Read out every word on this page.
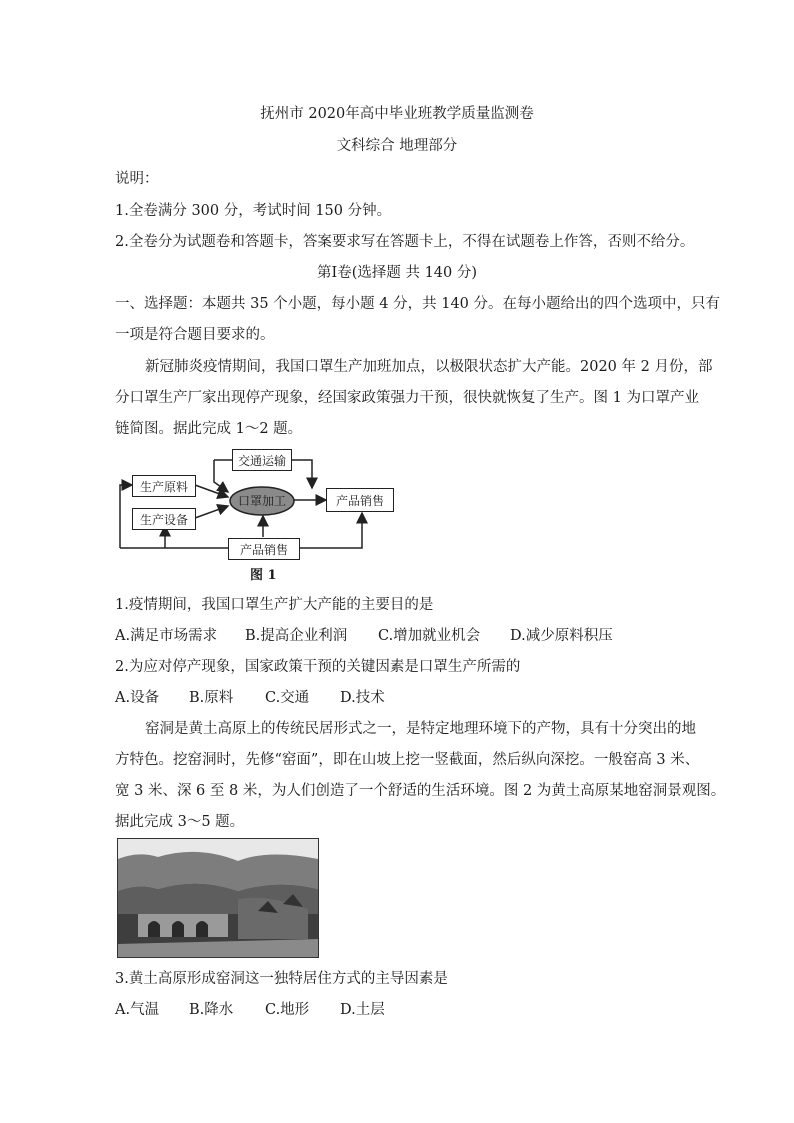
抚州市 2020年高中毕业班教学质量监测卷
文科综合 地理部分
说明：
1.全卷满分 300 分，考试时间 150 分钟。
2.全卷分为试题卷和答题卡，答案要求写在答题卡上，不得在试题卷上作答，否则不给分。
第Ⅰ卷(选择题 共 140 分)
一、选择题：本题共 35 个小题，每小题 4 分，共 140 分。在每小题给出的四个选项中，只有
一项是符合题目要求的。
新冠肺炎疫情期间，我国口罩生产加班加点，以极限状态扩大产能。2020 年 2 月份，部
分口罩生产厂家出现停产现象，经国家政策强力干预，很快就恢复了生产。图 1 为口罩产业
链简图。据此完成 1～2 题。
交通运输
生产原料
生产设备
口罩加工	产品销售
产品销售
图 1
1.疫情期间，我国口罩生产扩大产能的主要目的是
A.满足市场需求 B.提高企业利润 C.增加就业机会 D.减少原料积压
2.为应对停产现象，国家政策干预的关键因素是口罩生产所需的
A.设备 B.原料 C.交通 D.技术
窑洞是黄土高原上的传统民居形式之一，是特定地理环境下的产物，具有十分突出的地
方特色。挖窑洞时，先修“窑面”，即在山坡上挖一竖截面，然后纵向深挖。一般窑高 3 米、
宽 3 米、深 6 至 8 米，为人们创造了一个舒适的生活环境。图 2 为黄土高原某地窑洞景观图。
据此完成 3～5 题。
3.黄土高原形成窑洞这一独特居住方式的主导因素是
A.气温 B.降水 C.地形 D.土层
